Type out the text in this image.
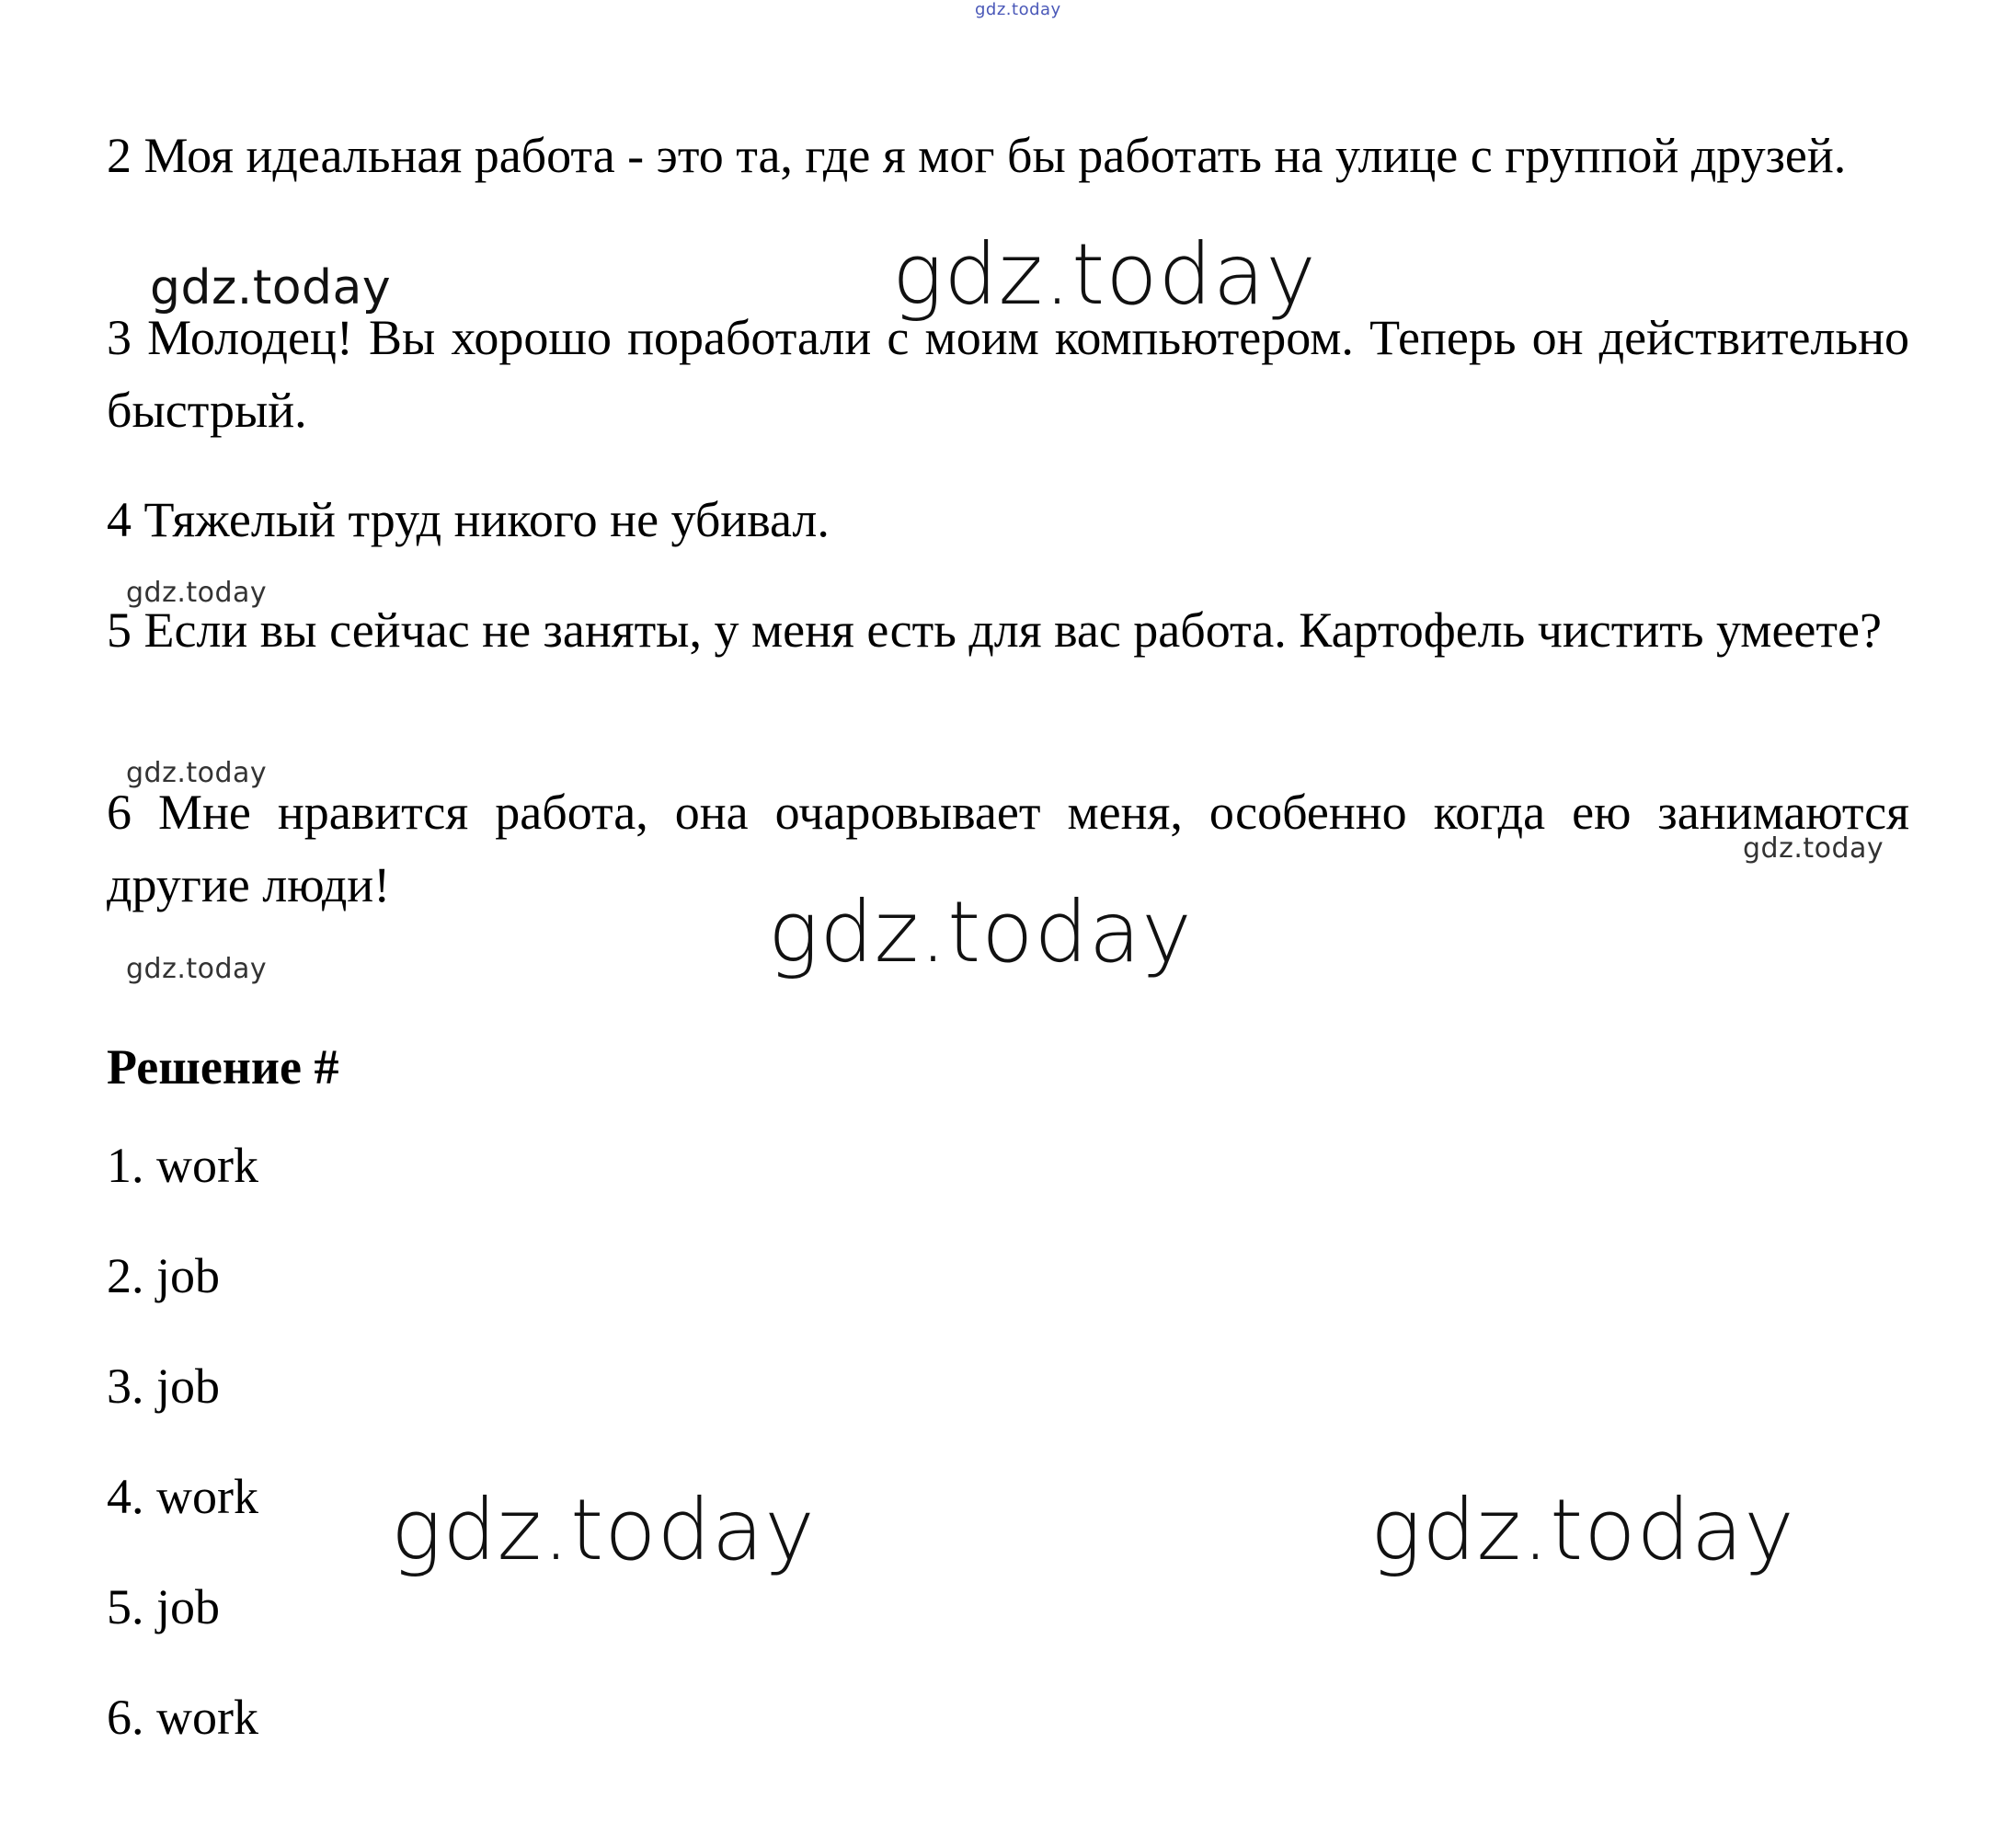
gdz.today

2 Моя идеальная работа - это та, где я мог бы работать на улице с группой друзей.

3 Молодец! Вы хорошо поработали с моим компьютером. Теперь он действительно быстрый.

4 Тяжелый труд никого не убивал.

5 Если вы сейчас не заняты, у меня есть для вас работа. Картофель чистить умеете?

6 Мне нравится работа, она очаровывает меня, особенно когда ею занимаются другие люди!

Решение #
1. work
2. job
3. job
4. work
5. job
6. work
gdz.today
gdz.today
gdz.today
gdz.today
gdz.today
gdz.today
gdz.today
gdz.today	gdz.today
